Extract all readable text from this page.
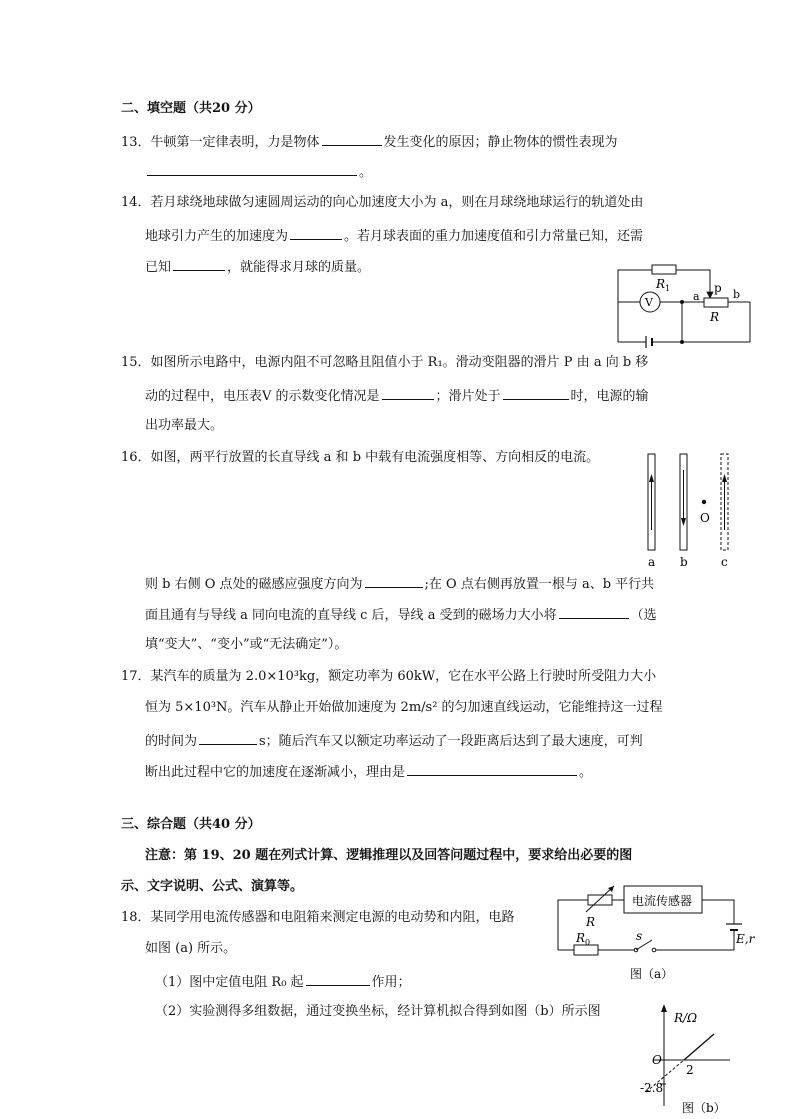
二、填空题（共20 分）
13．牛顿第一定律表明，力是物体	发生变化的原因；静止物体的惯性表现为
。
14．若月球绕地球做匀速圆周运动的向心加速度大小为 a，则在月球绕地球运行的轨道处由
地球引力产生的加速度为	。若月球表面的重力加速度值和引力常量已知，还需
已知	，就能得求月球的质量。
$R_1$
V
p
a	b
R
15．如图所示电路中，电源内阻不可忽略且阻值小于 R₁。滑动变阻器的滑片 P 由 a 向 b 移
动的过程中，电压表V 的示数变化情况是	；滑片处于	时，电源的输
出功率最大。
16．如图，两平行放置的长直导线 a 和 b 中载有电流强度相等、方向相反的电流。
O
a b	c
则 b 右侧 O 点处的磁感应强度方向为	;在 O 点右侧再放置一根与 a、b 平行共
面且通有与导线 a 同向电流的直导线 c 后，导线 a 受到的磁场力大小将	（选
填“变大”、“变小”或“无法确定”）。
17．某汽车的质量为 2.0×10³kg，额定功率为 60kW，它在水平公路上行驶时所受阻力大小
恒为 5×10³N。汽车从静止开始做加速度为 2m/s² 的匀加速直线运动，它能维持这一过程
的时间为	s；随后汽车又以额定功率运动了一段距离后达到了最大速度，可判
断出此过程中它的加速度在逐渐减小，理由是	。
三、综合题（共40 分）
注意：第 19、20 题在列式计算、逻辑推理以及回答问题过程中，要求给出必要的图
示、文字说明、公式、演算等。
电流传感器
R
$R_0$	s	E,r
图（a）
18．某同学用电流传感器和电阻箱来测定电源的电动势和内阻，电路
如图 (a) 所示。
（1）图中定值电阻 R₀ 起	作用；
（2）实验测得多组数据，通过变换坐标，经计算机拟合得到如图（b）所示图	R/Ω
O
2
-2.8
图（b）
